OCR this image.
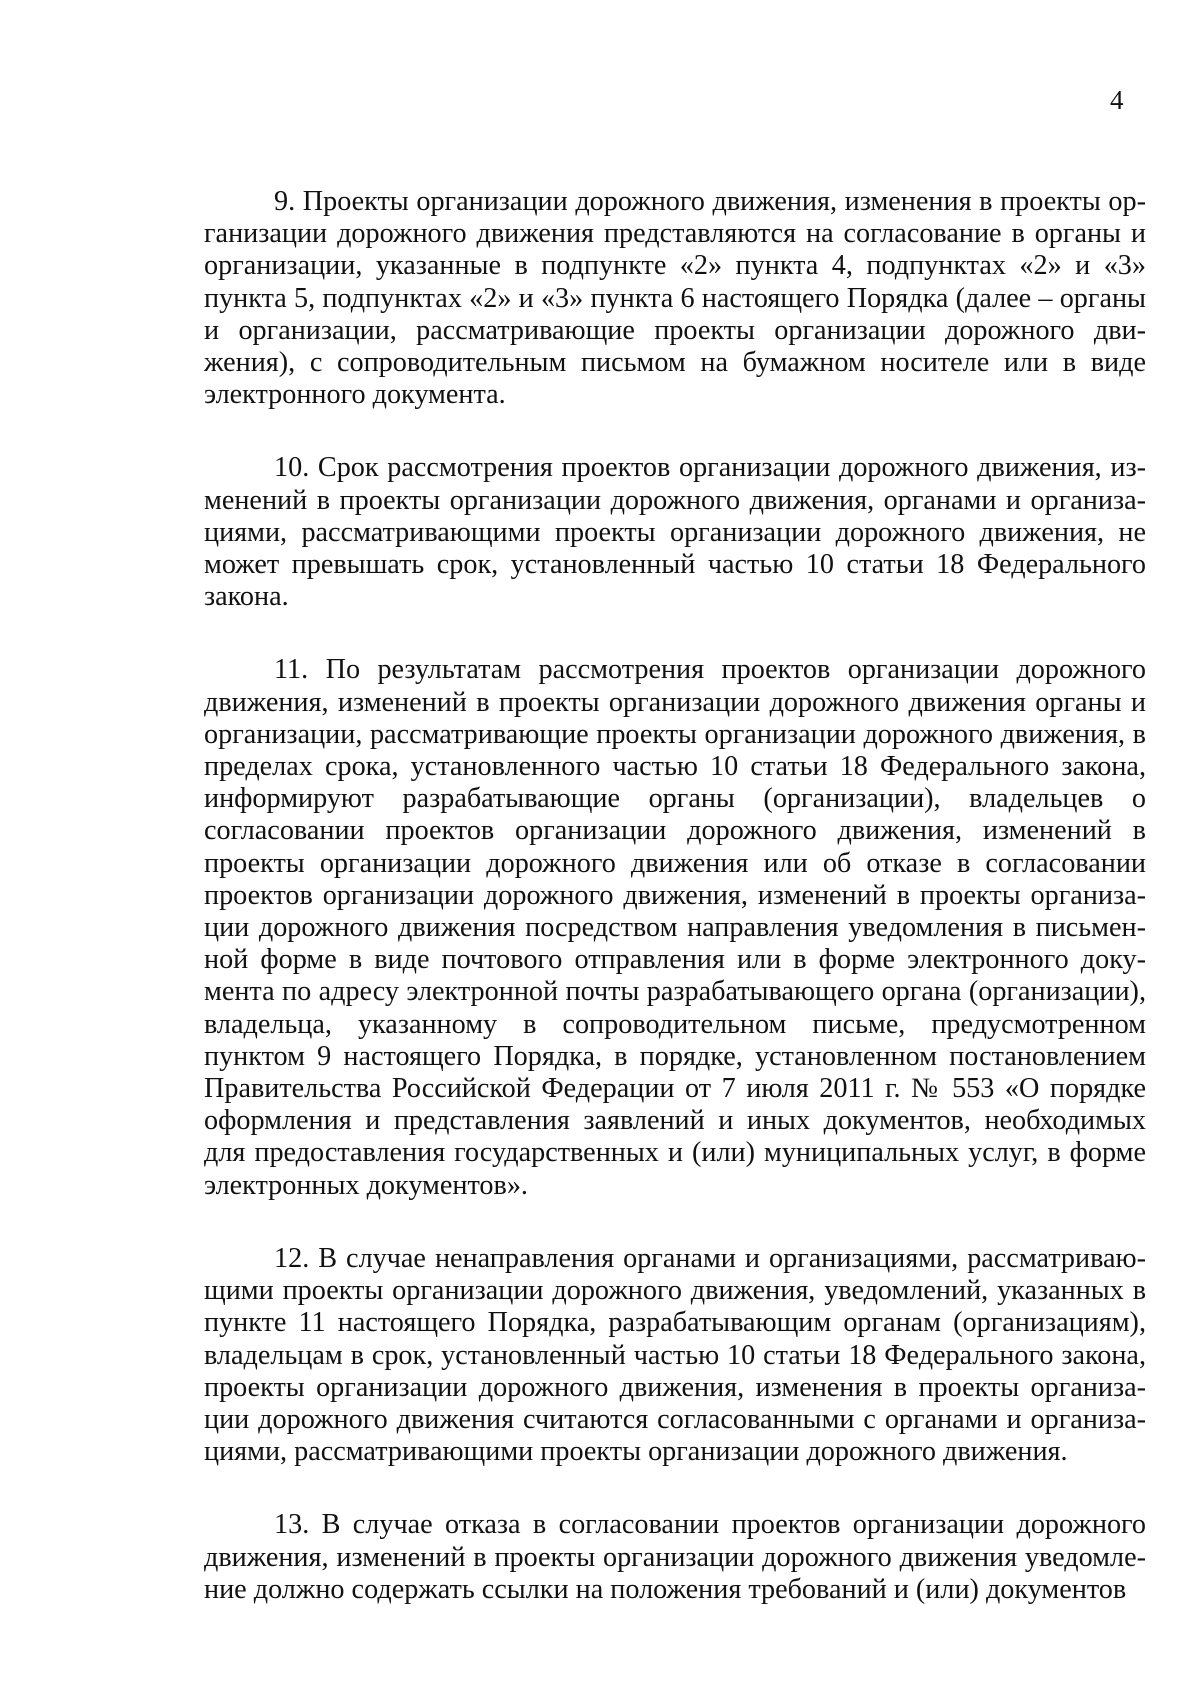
4

9. Проекты организации дорожного движения, изменения в проекты организации дорожного движения представляются на согласование в органы и организации, указанные в подпункте «2» пункта 4, подпунктах «2» и «3» пункта 5, подпунктах «2» и «3» пункта 6 настоящего Порядка (далее – органы и организации, рассматривающие проекты организации дорожного движения), с сопроводительным письмом на бумажном носителе или в виде электронного документа.

10. Срок рассмотрения проектов организации дорожного движения, изменений в проекты организации дорожного движения, органами и организациями, рассматривающими проекты организации дорожного движения, не может превышать срок, установленный частью 10 статьи 18 Федерального закона.

11. По результатам рассмотрения проектов организации дорожного движения, изменений в проекты организации дорожного движения органы и организации, рассматривающие проекты организации дорожного движения, в пределах срока, установленного частью 10 статьи 18 Федерального закона, информируют разрабатывающие органы (организации), владельцев о согласовании проектов организации дорожного движения, изменений в проекты организации дорожного движения или об отказе в согласовании проектов организации дорожного движения, изменений в проекты организации дорожного движения посредством направления уведомления в письменной форме в виде почтового отправления или в форме электронного документа по адресу электронной почты разрабатывающего органа (организации), владельца, указанному в сопроводительном письме, предусмотренном пунктом 9 настоящего Порядка, в порядке, установленном постановлением Правительства Российской Федерации от 7 июля 2011 г. № 553 «О порядке оформления и представления заявлений и иных документов, необходимых для предоставления государственных и (или) муниципальных услуг, в форме электронных документов».

12. В случае ненаправления органами и организациями, рассматривающими проекты организации дорожного движения, уведомлений, указанных в пункте 11 настоящего Порядка, разрабатывающим органам (организациям), владельцам в срок, установленный частью 10 статьи 18 Федерального закона, проекты организации дорожного движения, изменения в проекты организации дорожного движения считаются согласованными с органами и организациями, рассматривающими проекты организации дорожного движения.

13. В случае отказа в согласовании проектов организации дорожного движения, изменений в проекты организации дорожного движения уведомление должно содержать ссылки на положения требований и (или) документов
